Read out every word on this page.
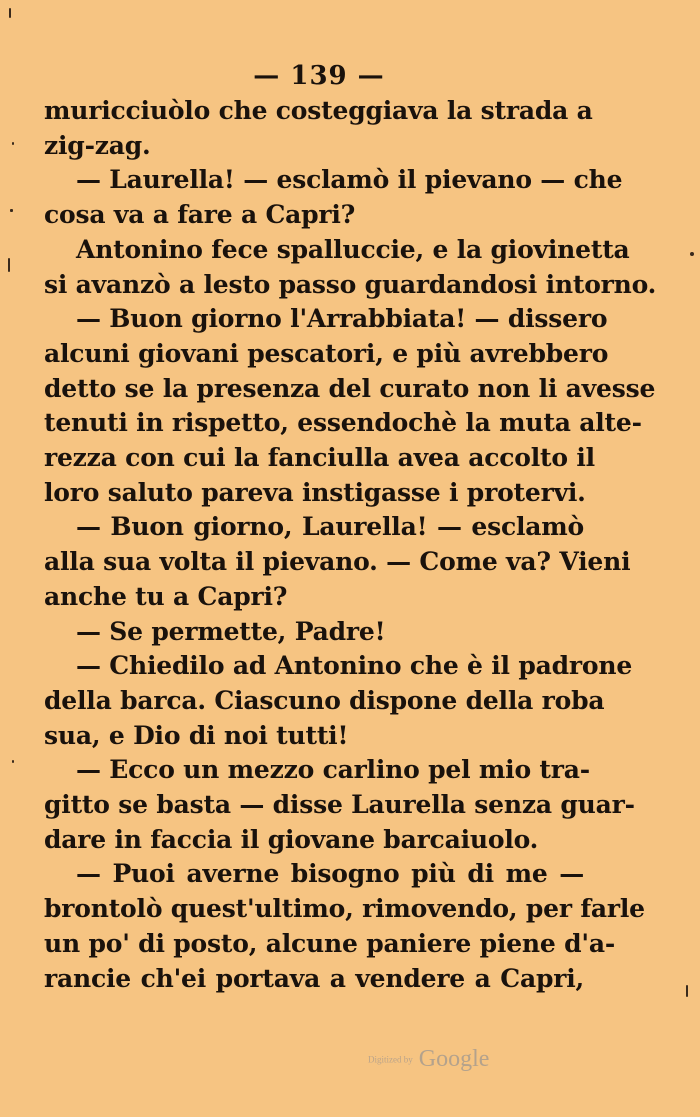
— 139 —
muricciuòlo che costeggiava la strada a
zig-zag.
— Laurella! — esclamò il pievano — che
cosa va a fare a Capri?
Antonino fece spalluccie, e la giovinetta
si avanzò a lesto passo guardandosi intorno.
— Buon giorno l'Arrabbiata! — dissero
alcuni giovani pescatori, e più avrebbero
detto se la presenza del curato non li avesse
tenuti in rispetto, essendochè la muta alte-
rezza con cui la fanciulla avea accolto il
loro saluto pareva instigasse i protervi.
— Buon giorno, Laurella! — esclamò
alla sua volta il pievano. — Come va? Vieni
anche tu a Capri?
— Se permette, Padre!
— Chiedilo ad Antonino che è il padrone
della barca. Ciascuno dispone della roba
sua, e Dio di noi tutti!
— Ecco un mezzo carlino pel mio tra-
gitto se basta — disse Laurella senza guar-
dare in faccia il giovane barcaiuolo.
— Puoi averne bisogno più di me —
brontolò quest'ultimo, rimovendo, per farle
un po' di posto, alcune paniere piene d'a-
rancie ch'ei portava a vendere a Capri,
Digitized by Google
